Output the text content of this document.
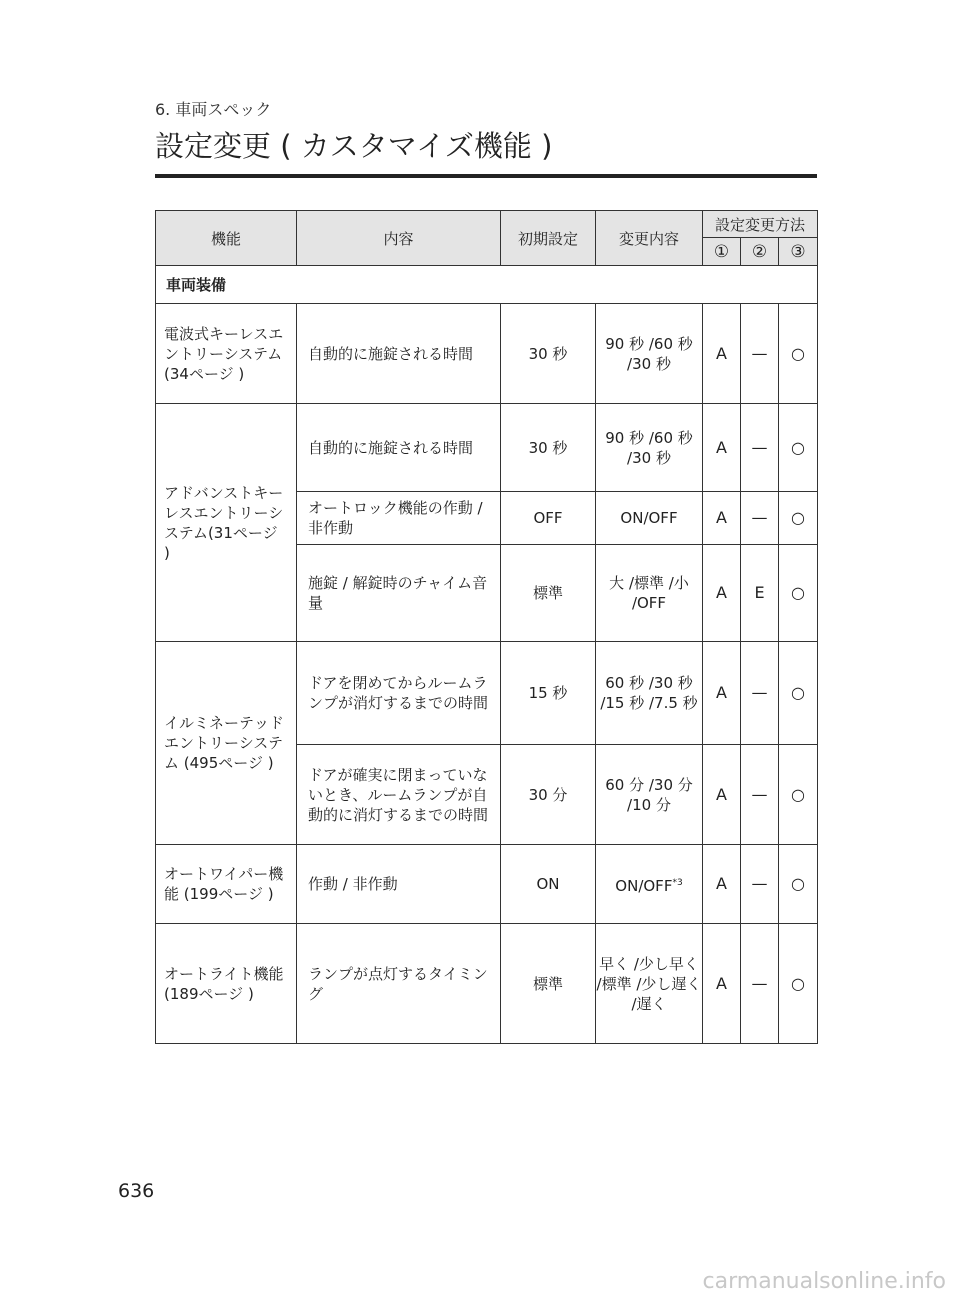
6. 車両スペック

設定変更 ( カスタマイズ機能 )
機能	内容	初期設定	変更内容	設定変更方法		
				①	②	③
車両装備						
電波式キーレスエントリーシステム (34ページ )	自動的に施錠される時間	30 秒	90 秒 /60 秒 /30 秒	A	—	○
アドバンストキーレスエントリーシステム(31ページ )	自動的に施錠される時間	30 秒	90 秒 /60 秒 /30 秒	A	—	○
	オートロック機能の作動 / 非作動	OFF	ON/OFF	A	—	○
	施錠 / 解錠時のチャイム音量	標準	大 /標準 /小 /OFF	A	E	○
イルミネーテッドエントリーシステム (495ページ )	ドアを閉めてからルームランプが消灯するまでの時間	15 秒	60 秒 /30 秒 /15 秒 /7.5 秒	A	—	○
	ドアが確実に閉まっていないとき、ルームランプが自動的に消灯するまでの時間	30 分	60 分 /30 分 /10 分	A	—	○
オートワイパー機能 (199ページ )	作動 / 非作動	ON	ON/OFF$^{*3}$	A	—	○
オートライト機能 (189ページ )	ランプが点灯するタイミング	標準	早く /少し早く /標準 /少し遅く /遅く	A	—	○
636
carmanualsonline.info
